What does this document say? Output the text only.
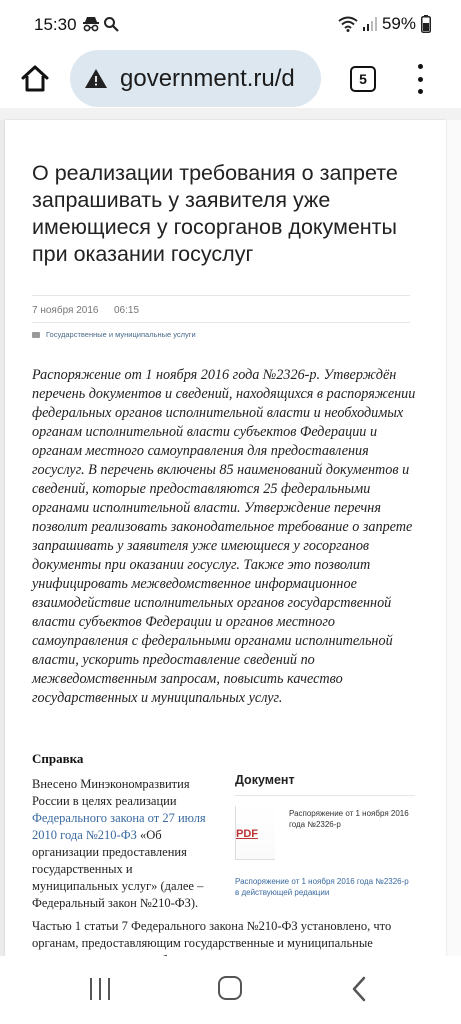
15:30	59%
government.ru/d	5
О реализации требования о запрете запрашивать у заявителя уже имеющиеся у госорганов документы при оказании госуслуг
7 ноября 2016 06:15
Государственные и муниципальные услуги

Распоряжение от 1 ноября 2016 года №2326-р. Утверждён перечень документов и сведений, находящихся в распоряжении федеральных органов исполнительной власти и необходимых органам исполнительной власти субъектов Федерации и органам местного самоуправления для предоставления госуслуг. В перечень включены 85 наименований документов и сведений, которые предоставляются 25 федеральными органами исполнительной власти. Утверждение перечня позволит реализовать законодательное требование о запрете запрашивать у заявителя уже имеющиеся у госорганов документы при оказании госуслуг. Также это позволит унифицировать межведомственное информационное взаимодействие исполнительных органов государственной власти субъектов Федерации и органов местного самоуправления с федеральными органами исполнительной власти, ускорить предоставление сведений по межведомственным запросам, повысить качество государственных и муниципальных услуг.

Справка

Внесено Минэкономразвития России в целях реализации Федерального закона от 27 июля 2010 года №210-ФЗ «Об организации предоставления государственных и муниципальных услуг» (далее – Федеральный закон №210-ФЗ).

Документ
PDF
Распоряжение от 1 ноября 2016 года №2326-р
Распоряжение от 1 ноября 2016 года №2326-р в действующей редакции

Частью 1 статьи 7 Федерального закона №210-ФЗ установлено, что органам, предоставляющим государственные и муниципальные
